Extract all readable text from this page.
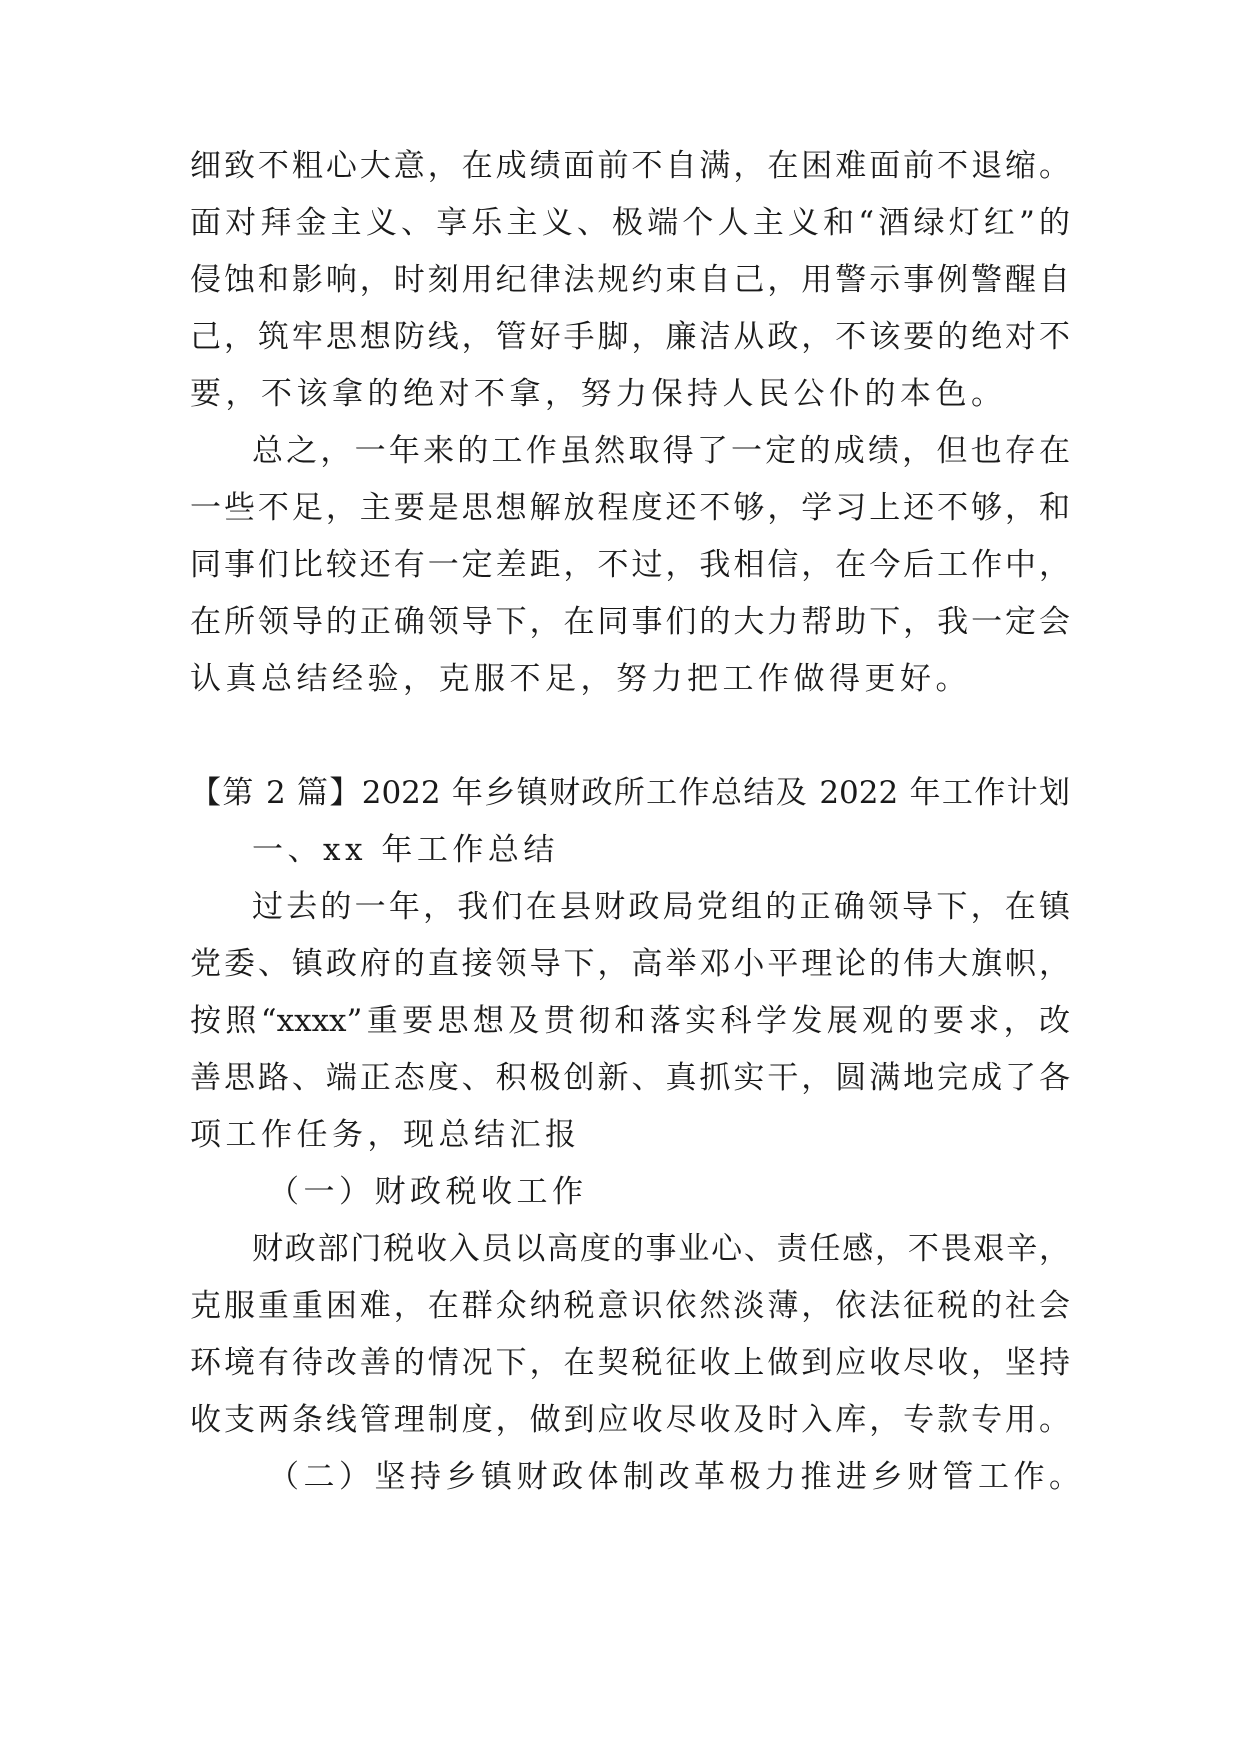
细致不粗心大意，在成绩面前不自满，在困难面前不退缩。
面对拜金主义、享乐主义、极端个人主义和“酒绿灯红”的
侵蚀和影响，时刻用纪律法规约束自己，用警示事例警醒自
己，筑牢思想防线，管好手脚，廉洁从政，不该要的绝对不
要，不该拿的绝对不拿，努力保持人民公仆的本色。
总之，一年来的工作虽然取得了一定的成绩，但也存在
一些不足，主要是思想解放程度还不够，学习上还不够，和
同事们比较还有一定差距，不过，我相信，在今后工作中，
在所领导的正确领导下，在同事们的大力帮助下，我一定会
认真总结经验，克服不足，努力把工作做得更好。
【第 2 篇】2022 年乡镇财政所工作总结及 2022 年工作计划
一、xx 年工作总结
过去的一年，我们在县财政局党组的正确领导下，在镇
党委、镇政府的直接领导下，高举邓小平理论的伟大旗帜，
按照“xxxx”重要思想及贯彻和落实科学发展观的要求，改
善思路、端正态度、积极创新、真抓实干，圆满地完成了各
项工作任务，现总结汇报
（一）财政税收工作
财政部门税收入员以高度的事业心、责任感，不畏艰辛，
克服重重困难，在群众纳税意识依然淡薄，依法征税的社会
环境有待改善的情况下，在契税征收上做到应收尽收，坚持
收支两条线管理制度，做到应收尽收及时入库，专款专用。
（二）坚持乡镇财政体制改革极力推进乡财管工作。
